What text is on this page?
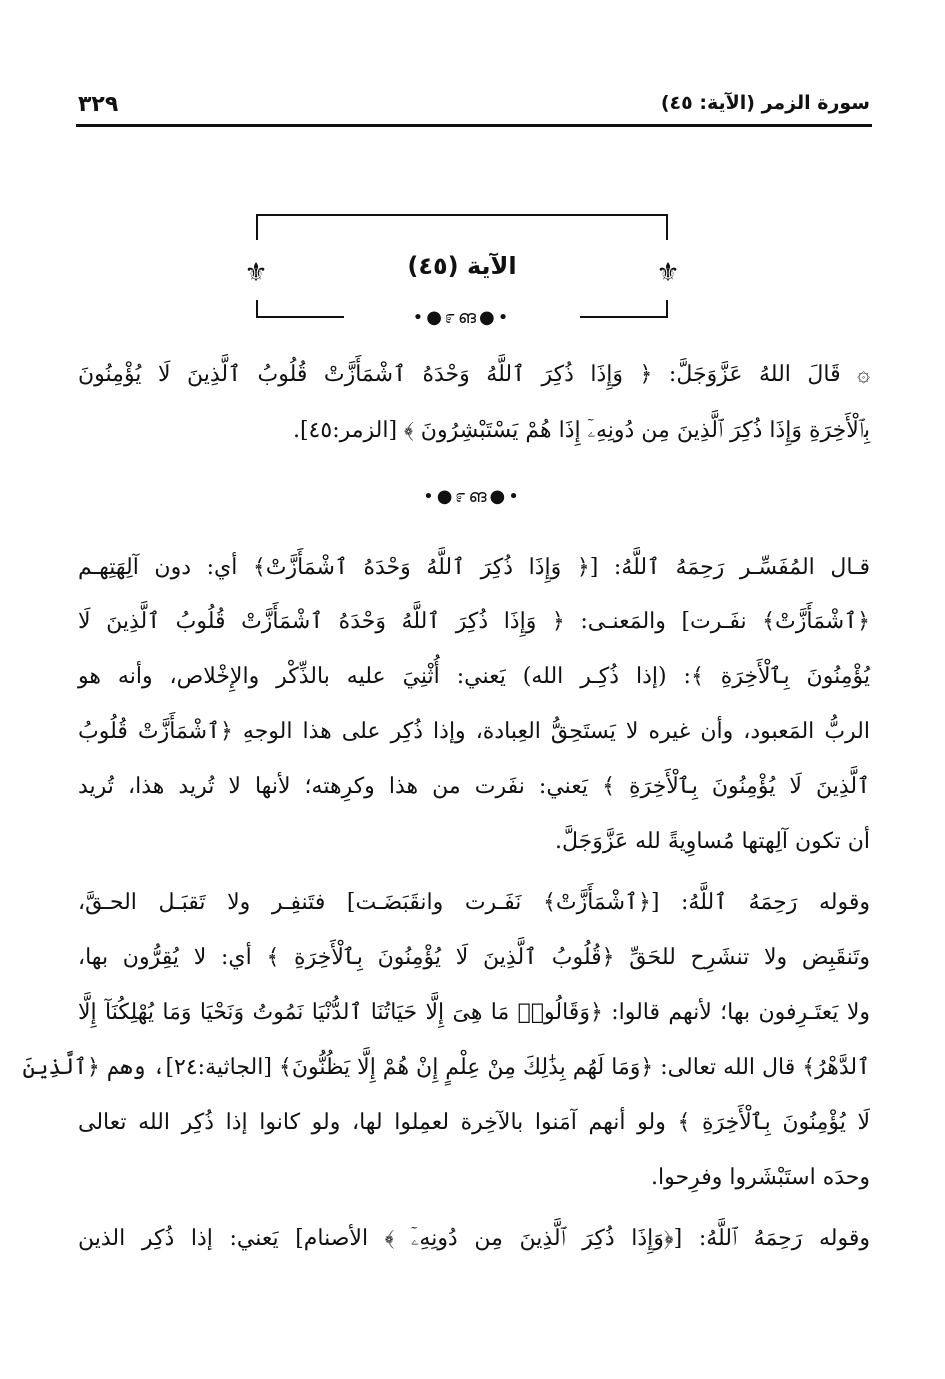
٣٢٩	سورة الزمر (الآية: ٤٥)
⚜	⚜
الآية (٤٥)
•●೯ങ●•
۞ قَالَ اللهُ عَزَّوَجَلَّ: ﴿ وَإِذَا ذُكِرَ ٱللَّهُ وَحْدَهُ ٱشْمَأَزَّتْ قُلُوبُ ٱلَّذِينَ لَا يُؤْمِنُونَ
بِٱلْأَخِرَةِ وَإِذَا ذُكِرَ ٱلَّذِينَ مِن دُونِهِۦٓ إِذَا هُمْ يَسْتَبْشِرُونَ ﴾ [الزمر:٤٥].
•●೯ങ●•
قـال المُفَسِّـر رَحِمَهُ ٱللَّهُ: [﴿ وَإِذَا ذُكِرَ ٱللَّهُ وَحْدَهُ ٱشْمَأَزَّتْ﴾ أي: دون آلِهَتِهـم
﴿ٱشْمَأَزَّتْ﴾ نفَـرت] والمَعنـى: ﴿ وَإِذَا ذُكِرَ ٱللَّهُ وَحْدَهُ ٱشْمَأَزَّتْ قُلُوبُ ٱلَّذِينَ لَا
يُؤْمِنُونَ بِٱلْأَخِرَةِ ﴾: (إذا ذُكِـر الله) يَعني: أُثْنِيَ عليه بالذِّكْر والإِخْلاص، وأنه هو
الربُّ المَعبود، وأن غيره لا يَستَحِقُّ العِبادة، وإذا ذُكِر على هذا الوجهِ ﴿ٱشْمَأَزَّتْ قُلُوبُ
ٱلَّذِينَ لَا يُؤْمِنُونَ بِٱلْأَخِرَةِ ﴾ يَعني: نفَرت من هذا وكرِهته؛ لأنها لا تُريد هذا، تُريد
أن تكون آلِهتها مُساوِيةً لله عَزَّوَجَلَّ.
وقوله رَحِمَهُ ٱللَّهُ: [﴿ٱشْمَأَزَّتْ﴾ نَفَـرت وانقَبَضَـت] فتَنفِـر ولا تَقبَـل الحـقَّ،
وتَنقَبِض ولا تنشَرِح للحَقِّ ﴿قُلُوبُ ٱلَّذِينَ لَا يُؤْمِنُونَ بِٱلْأَخِرَةِ ﴾ أي: لا يُقِرُّون بها،
ولا يَعتَـرِفون بها؛ لأنهم قالوا: ﴿وَقَالُوا۟ مَا هِىَ إِلَّا حَيَاتُنَا ٱلدُّنْيَا نَمُوتُ وَنَحْيَا وَمَا يُهْلِكُنَآ إِلَّا
ٱلدَّهْرُ﴾ قال الله تعالى: ﴿وَمَا لَهُم بِذَٰلِكَ مِنْ عِلْمٍ إِنْ هُمْ إِلَّا يَظُنُّونَ﴾ [الجاثية:٢٤]، وهم ﴿ٱلَّذِينَ
لَا يُؤْمِنُونَ بِٱلْأَخِرَةِ ﴾ ولو أنهم آمَنوا بالآخِرة لعمِلوا لها، ولو كانوا إذا ذُكِر الله تعالى
وحدَه استَبْشَروا وفرِحوا.
وقوله رَحِمَهُ ٱللَّهُ: [﴿وَإِذَا ذُكِرَ ٱلَّذِينَ مِن دُونِهِۦٓ ﴾ الأصنام] يَعني: إذا ذُكِر الذين
